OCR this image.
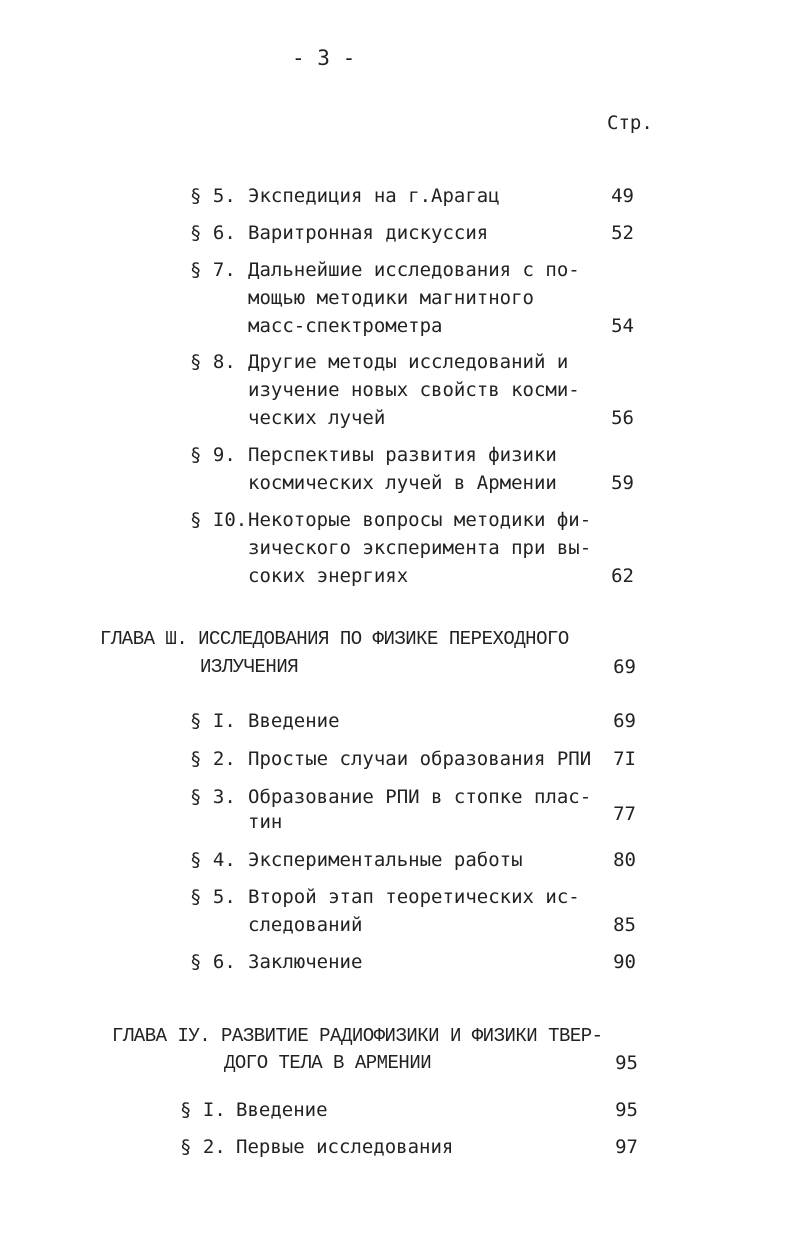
- 3 -
Стр.
§ 5. Экспедиция на г.Арагац	49
§ 6. Варитронная дискуссия	52
§ 7. Дальнейшие исследования с по-
мощью методики магнитного
масс-спектрометра	54
§ 8. Другие методы исследований и
изучение новых свойств косми-
ческих лучей	56
§ 9. Перспективы развития физики
космических лучей в Армении	59
§ I0. Некоторые вопросы методики фи-
зического эксперимента при вы-
соких энергиях	62
ГЛАВА Ш. ИССЛЕДОВАНИЯ ПО ФИЗИКЕ ПЕРЕХОДНОГО
ИЗЛУЧЕНИЯ	69
§ I. Введение	69
§ 2. Простые случаи образования РПИ	7I
§ 3. Образование РПИ в стопке плас-
тин	77
§ 4. Экспериментальные работы	80
§ 5. Второй этап теоретических ис-
следований	85
§ 6. Заключение	90
ГЛАВА IУ. РАЗВИТИЕ РАДИОФИЗИКИ И ФИЗИКИ ТВЕР-
ДОГО ТЕЛА В АРМЕНИИ	95
§ I. Введение	95
§ 2. Первые исследования	97
